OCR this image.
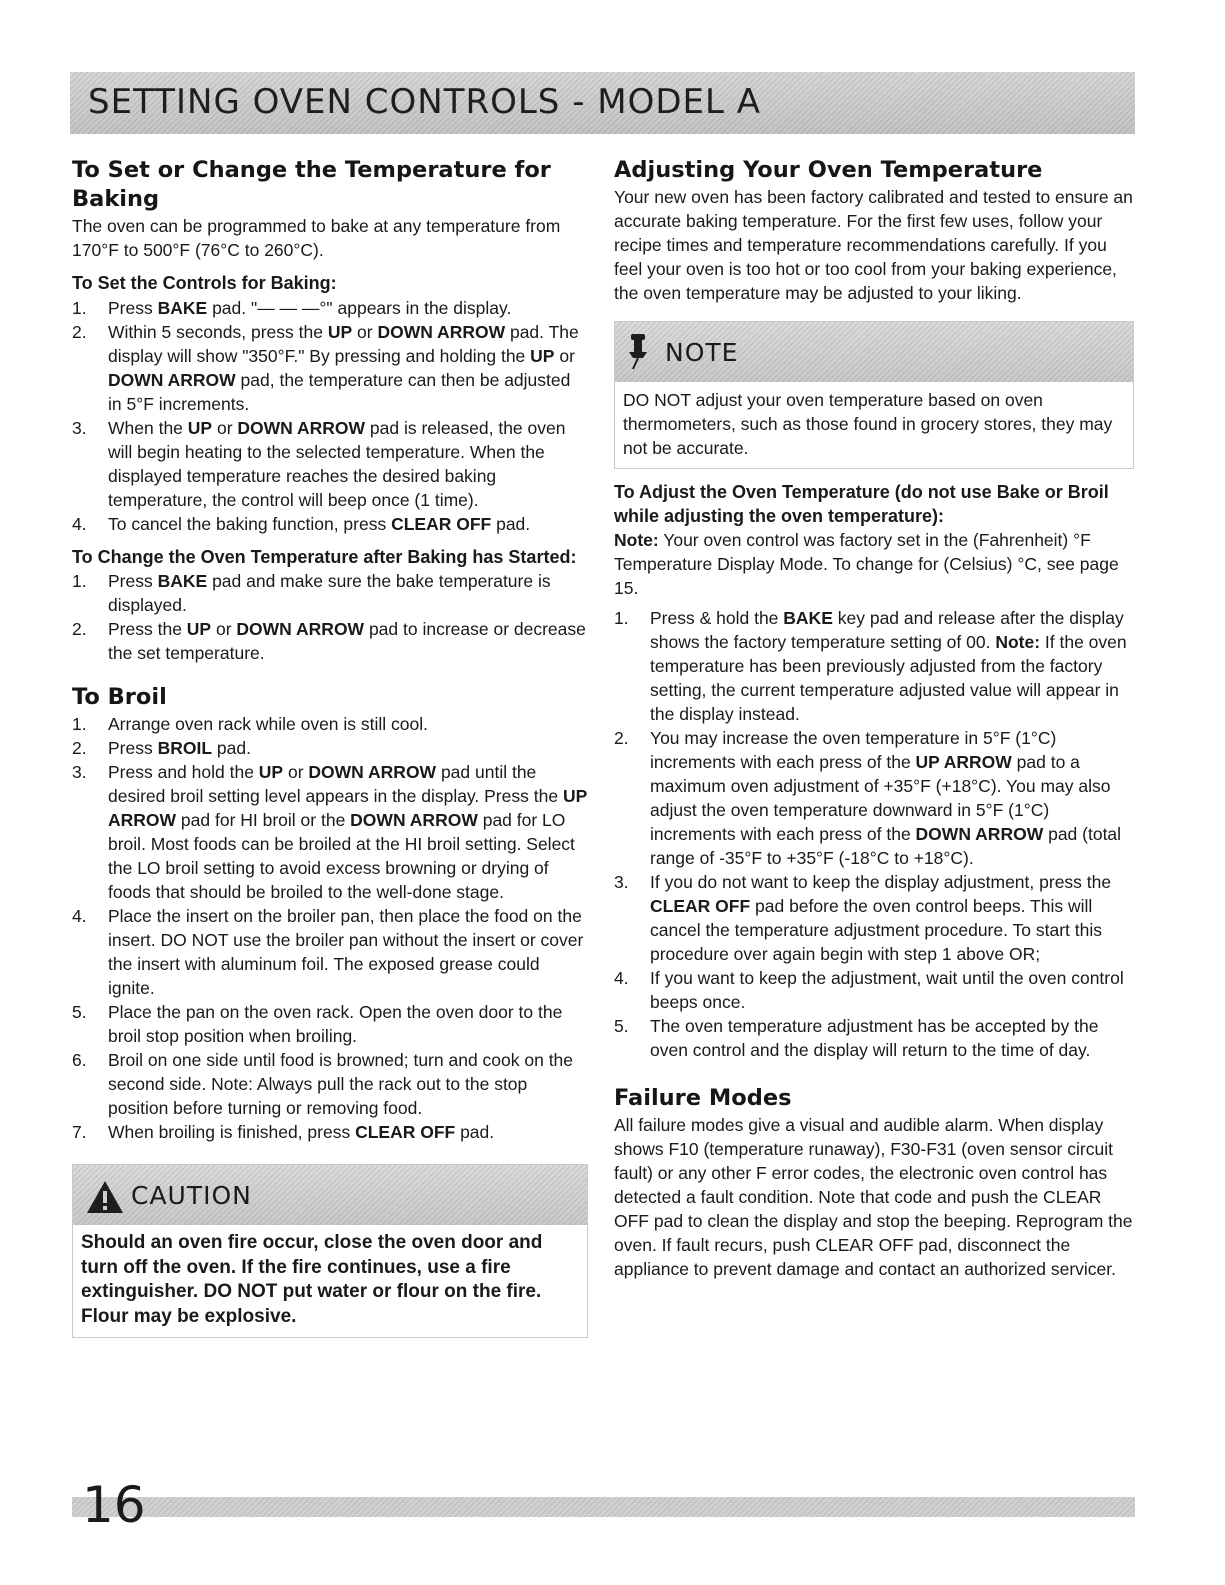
SETTING OVEN CONTROLS - MODEL A
To Set or Change the Temperature for Baking

The oven can be programmed to bake at any temperature from 170°F to 500°F (76°C to 260°C).

To Set the Controls for Baking:
1. Press BAKE pad. "— — —°" appears in the display.
2. Within 5 seconds, press the UP or DOWN ARROW pad. The display will show "350°F." By pressing and holding the UP or DOWN ARROW pad, the temperature can then be adjusted in 5°F increments.
3. When the UP or DOWN ARROW pad is released, the oven will begin heating to the selected temperature. When the displayed temperature reaches the desired baking temperature, the control will beep once (1 time).
4. To cancel the baking function, press CLEAR OFF pad.
To Change the Oven Temperature after Baking has Started:
1. Press BAKE pad and make sure the bake temperature is displayed.
2. Press the UP or DOWN ARROW pad to increase or decrease the set temperature.
To Broil
1. Arrange oven rack while oven is still cool.
2. Press BROIL pad.
3. Press and hold the UP or DOWN ARROW pad until the desired broil setting level appears in the display. Press the UP ARROW pad for HI broil or the DOWN ARROW pad for LO broil. Most foods can be broiled at the HI broil setting. Select the LO broil setting to avoid excess browning or drying of foods that should be broiled to the well-done stage.
4. Place the insert on the broiler pan, then place the food on the insert. DO NOT use the broiler pan without the insert or cover the insert with aluminum foil. The exposed grease could ignite.
5. Place the pan on the oven rack. Open the oven door to the broil stop position when broiling.
6. Broil on one side until food is browned; turn and cook on the second side. Note: Always pull the rack out to the stop position before turning or removing food.
7. When broiling is finished, press CLEAR OFF pad.
CAUTION
Should an oven fire occur, close the oven door and turn off the oven. If the fire continues, use a fire extinguisher. DO NOT put water or flour on the fire. Flour may be explosive.
Adjusting Your Oven Temperature

Your new oven has been factory calibrated and tested to ensure an accurate baking temperature. For the first few uses, follow your recipe times and temperature recommendations carefully. If you feel your oven is too hot or too cool from your baking experience, the oven temperature may be adjusted to your liking.

NOTE
DO NOT adjust your oven temperature based on oven thermometers, such as those found in grocery stores, they may not be accurate.
To Adjust the Oven Temperature (do not use Bake or Broil while adjusting the oven temperature):

Note: Your oven control was factory set in the (Fahrenheit) °F Temperature Display Mode. To change for (Celsius) °C, see page 15.

1. Press & hold the BAKE key pad and release after the display shows the factory temperature setting of 00. Note: If the oven temperature has been previously adjusted from the factory setting, the current temperature adjusted value will appear in the display instead.
2. You may increase the oven temperature in 5°F (1°C) increments with each press of the UP ARROW pad to a maximum oven adjustment of +35°F (+18°C). You may also adjust the oven temperature downward in 5°F (1°C) increments with each press of the DOWN ARROW pad (total range of -35°F to +35°F (-18°C to +18°C).
3. If you do not want to keep the display adjustment, press the CLEAR OFF pad before the oven control beeps. This will cancel the temperature adjustment procedure. To start this procedure over again begin with step 1 above OR;
4. If you want to keep the adjustment, wait until the oven control beeps once.
5. The oven temperature adjustment has be accepted by the oven control and the display will return to the time of day.
Failure Modes

All failure modes give a visual and audible alarm. When display shows F10 (temperature runaway), F30-F31 (oven sensor circuit fault) or any other F error codes, the electronic oven control has detected a fault condition. Note that code and push the CLEAR OFF pad to clean the display and stop the beeping. Reprogram the oven. If fault recurs, push CLEAR OFF pad, disconnect the appliance to prevent damage and contact an authorized servicer.

16
